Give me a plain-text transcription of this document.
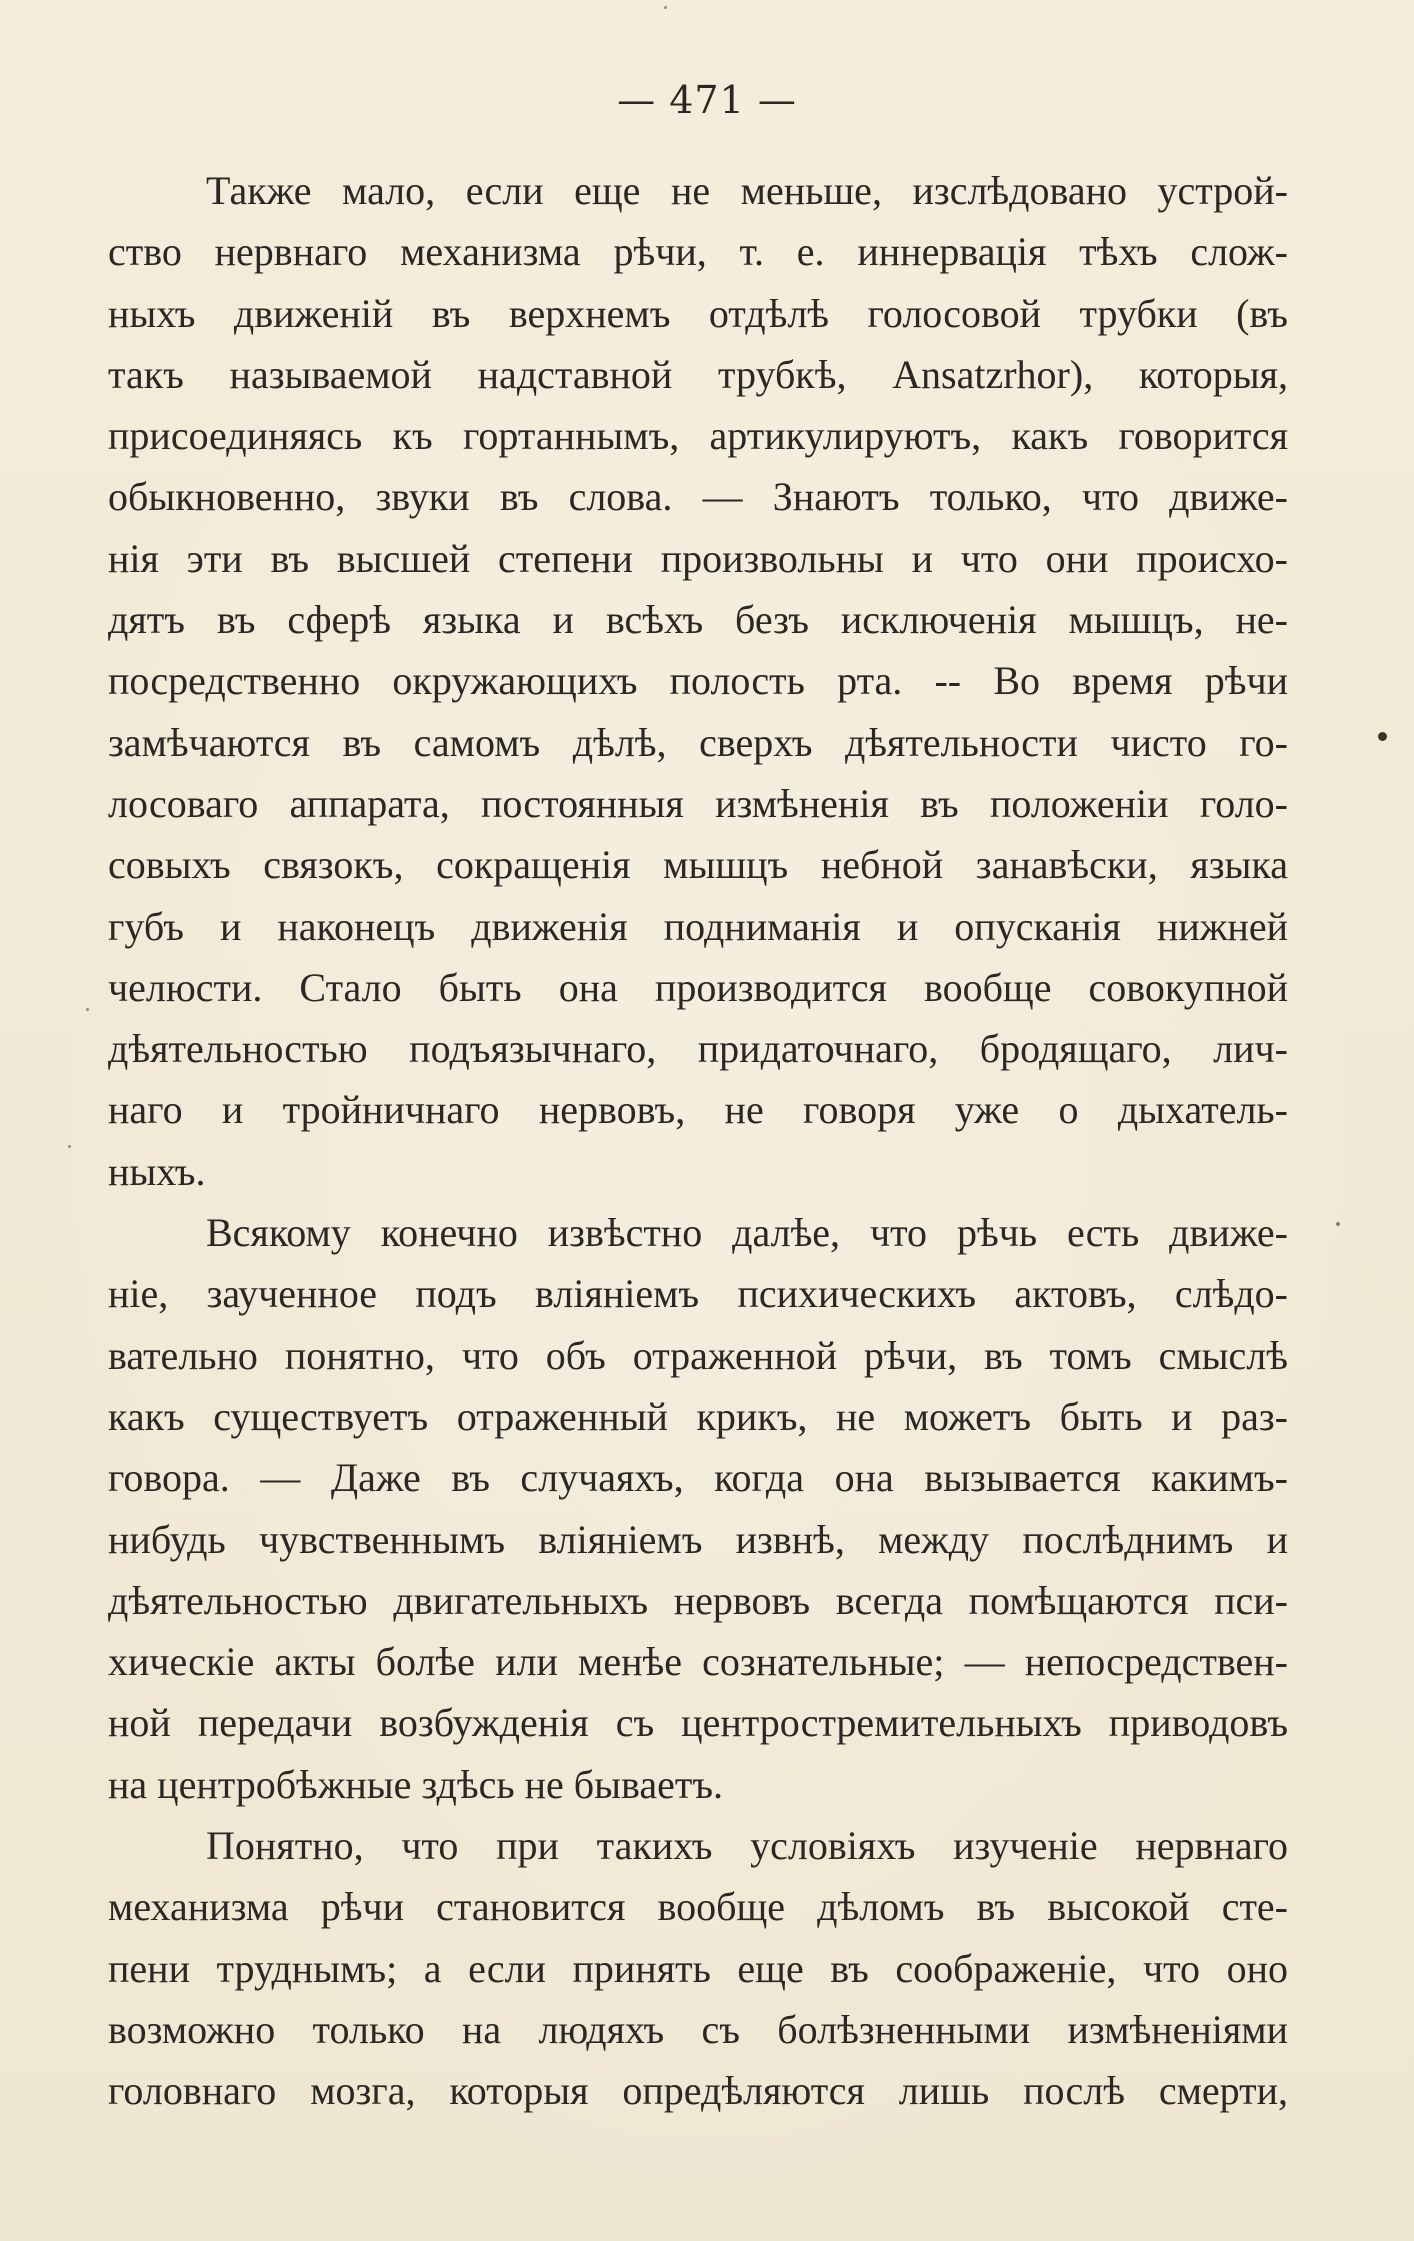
— 471 —
Также мало, если еще не меньше, изслѣдовано устрой-
ство нервнаго механизма рѣчи, т. е. иннервація тѣхъ слож-
ныхъ движеній въ верхнемъ отдѣлѣ голосовой трубки (въ
такъ называемой надставной трубкѣ, Ansatzrhor), которыя,
присоединяясь къ гортаннымъ, артикулируютъ, какъ говорится
обыкновенно, звуки въ слова. — Знаютъ только, что движе-
нія эти въ высшей степени произвольны и что они происхо-
дятъ въ сферѣ языка и всѣхъ безъ исключенія мышцъ, не-
посредственно окружающихъ полость рта. -- Во время рѣчи
замѣчаются въ самомъ дѣлѣ, сверхъ дѣятельности чисто го-
лосоваго аппарата, постоянныя измѣненія въ положеніи голо-
совыхъ связокъ, сокращенія мышцъ небной занавѣски, языка
губъ и наконецъ движенія подниманія и опусканія нижней
челюсти. Стало быть она производится вообще совокупной
дѣятельностью подъязычнаго, придаточнаго, бродящаго, лич-
наго и тройничнаго нервовъ, не говоря уже о дыхатель-
ныхъ.
Всякому конечно извѣстно далѣе, что рѣчь есть движе-
ніе, заученное подъ вліяніемъ психическихъ актовъ, слѣдо-
вательно понятно, что объ отраженной рѣчи, въ томъ смыслѣ
какъ существуетъ отраженный крикъ, не можетъ быть и раз-
говора. — Даже въ случаяхъ, когда она вызывается какимъ-
нибудь чувственнымъ вліяніемъ извнѣ, между послѣднимъ и
дѣятельностью двигательныхъ нервовъ всегда помѣщаются пси-
хическіе акты болѣе или менѣе сознательные; — непосредствен-
ной передачи возбужденія съ центростремительныхъ приводовъ
на центробѣжные здѣсь не бываетъ.
Понятно, что при такихъ условіяхъ изученіе нервнаго
механизма рѣчи становится вообще дѣломъ въ высокой сте-
пени труднымъ; а если принять еще въ соображеніе, что оно
возможно только на людяхъ съ болѣзненными измѣненіями
головнаго мозга, которыя опредѣляются лишь послѣ смерти,
